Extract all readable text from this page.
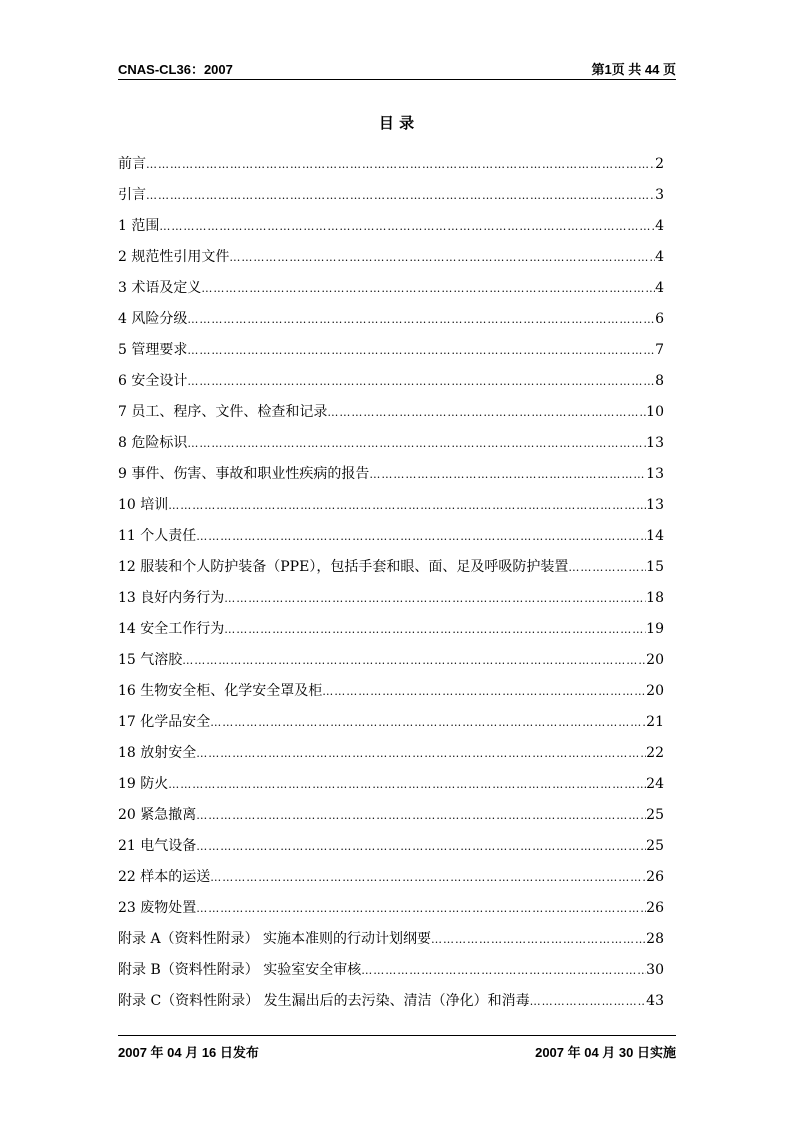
CNAS-CL36：2007	第1页 共 44 页
目 录
前言 ……………………………………………………………………………………………………………………………………………………………………………	2
引言 ……………………………………………………………………………………………………………………………………………………………………………	3
1 范围 ……………………………………………………………………………………………………………………………………………………………………………	4
2 规范性引用文件 ……………………………………………………………………………………………………………………………………………………………………………	4
3 术语及定义 ……………………………………………………………………………………………………………………………………………………………………………	4
4 风险分级 ……………………………………………………………………………………………………………………………………………………………………………	6
5 管理要求 ……………………………………………………………………………………………………………………………………………………………………………	7
6 安全设计 ……………………………………………………………………………………………………………………………………………………………………………	8
7 员工、程序、文件、检查和记录 ……………………………………………………………………………………………………………………………………………………………………………	10
8 危险标识 ……………………………………………………………………………………………………………………………………………………………………………	13
9 事件、伤害、事故和职业性疾病的报告 ……………………………………………………………………………………………………………………………………………………………………………	13
10 培训 ……………………………………………………………………………………………………………………………………………………………………………	13
11 个人责任 ……………………………………………………………………………………………………………………………………………………………………………	14
12 服装和个人防护装备（PPE），包括手套和眼、面、足及呼吸防护装置 ……………………………………………………………………………………………………………………………………………………………………………	15
13 良好内务行为 ……………………………………………………………………………………………………………………………………………………………………………	18
14 安全工作行为 ……………………………………………………………………………………………………………………………………………………………………………	19
15 气溶胶 ……………………………………………………………………………………………………………………………………………………………………………	20
16 生物安全柜、化学安全罩及柜 ……………………………………………………………………………………………………………………………………………………………………………	20
17 化学品安全 ……………………………………………………………………………………………………………………………………………………………………………	21
18 放射安全 ……………………………………………………………………………………………………………………………………………………………………………	22
19 防火 ……………………………………………………………………………………………………………………………………………………………………………	24
20 紧急撤离 ……………………………………………………………………………………………………………………………………………………………………………	25
21 电气设备 ……………………………………………………………………………………………………………………………………………………………………………	25
22 样本的运送 ……………………………………………………………………………………………………………………………………………………………………………	26
23 废物处置 ……………………………………………………………………………………………………………………………………………………………………………	26
附录 A（资料性附录） 实施本准则的行动计划纲要 ……………………………………………………………………………………………………………………………………………………………………………	28
附录 B（资料性附录） 实验室安全审核 ……………………………………………………………………………………………………………………………………………………………………………	30
附录 C（资料性附录） 发生漏出后的去污染、清洁（净化）和消毒 ……………………………………………………………………………………………………………………………………………………………………………	43
2007 年 04 月 16 日发布	2007 年 04 月 30 日实施
